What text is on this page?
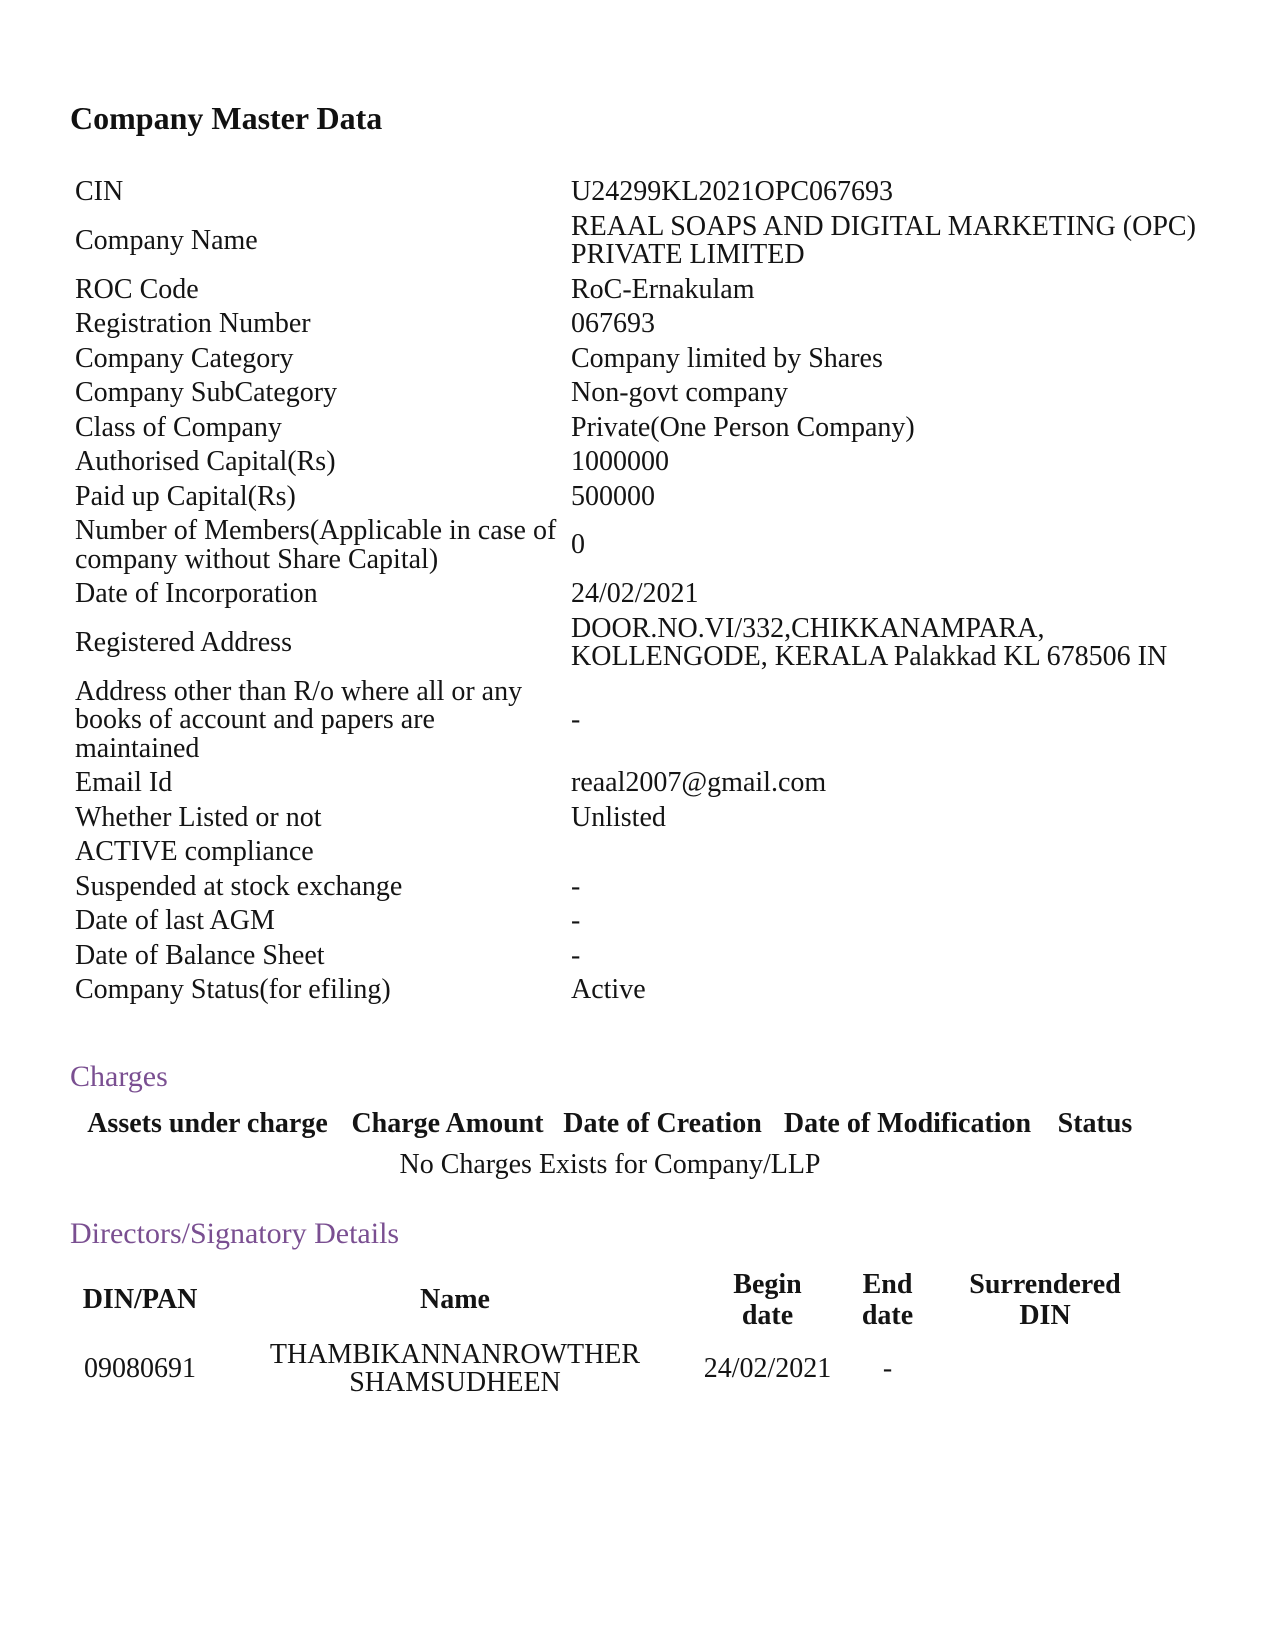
Company Master Data
CIN	U24299KL2021OPC067693
Company Name	REAAL SOAPS AND DIGITAL MARKETING (OPC) PRIVATE LIMITED
ROC Code	RoC-Ernakulam
Registration Number	067693
Company Category	Company limited by Shares
Company SubCategory	Non-govt company
Class of Company	Private(One Person Company)
Authorised Capital(Rs)	1000000
Paid up Capital(Rs)	500000
Number of Members(Applicable in case of company without Share Capital)	0
Date of Incorporation	24/02/2021
Registered Address	DOOR.NO.VI/332,CHIKKANAMPARA, KOLLENGODE, KERALA Palakkad KL 678506 IN
Address other than R/o where all or any books of account and papers are maintained	-
Email Id	reaal2007@gmail.com
Whether Listed or not	Unlisted
ACTIVE compliance	
Suspended at stock exchange	-
Date of last AGM	-
Date of Balance Sheet	-
Company Status(for efiling)	Active
Charges
Assets under charge	Charge Amount	Date of Creation	Date of Modification	Status
No Charges Exists for Company/LLP
Directors/Signatory Details
DIN/PAN	Name	Begin date	End date	Surrendered DIN
09080691	THAMBIKANNANROWTHER SHAMSUDHEEN	24/02/2021	-	
